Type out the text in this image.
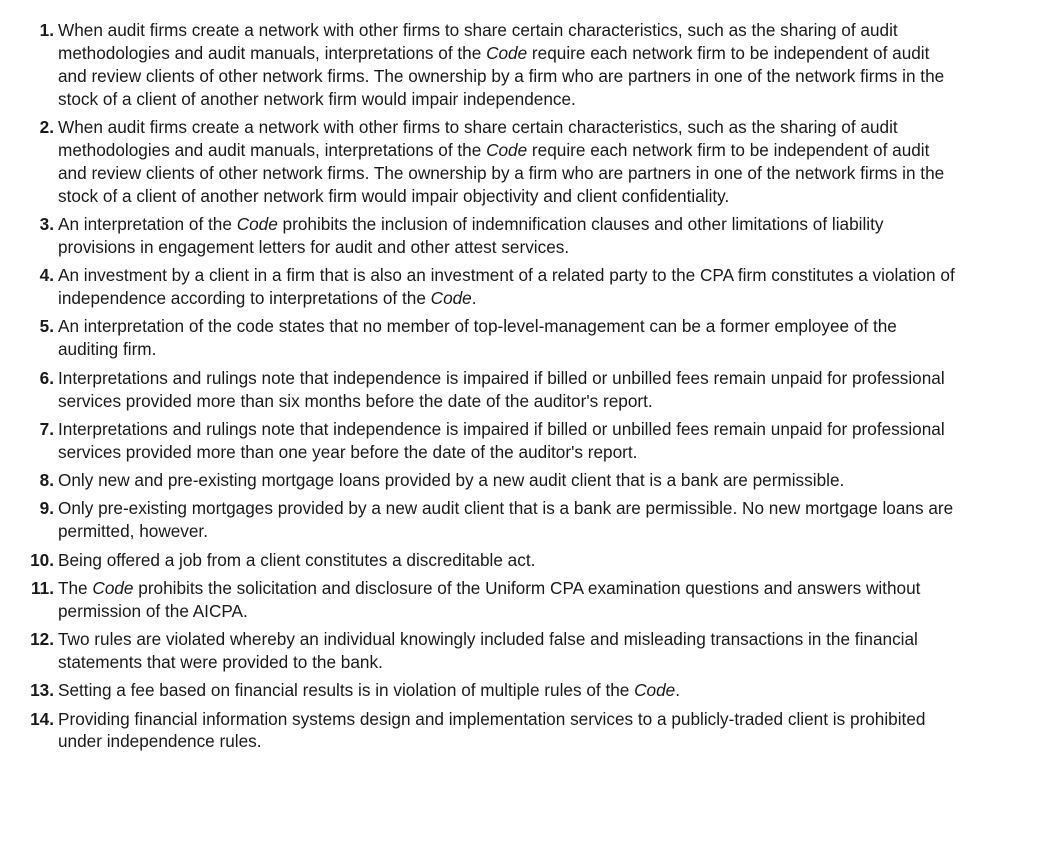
1. When audit firms create a network with other firms to share certain characteristics, such as the sharing of audit methodologies and audit manuals, interpretations of the Code require each network firm to be independent of audit and review clients of other network firms. The ownership by a firm who are partners in one of the network firms in the stock of a client of another network firm would impair independence.
2. When audit firms create a network with other firms to share certain characteristics, such as the sharing of audit methodologies and audit manuals, interpretations of the Code require each network firm to be independent of audit and review clients of other network firms. The ownership by a firm who are partners in one of the network firms in the stock of a client of another network firm would impair objectivity and client confidentiality.
3. An interpretation of the Code prohibits the inclusion of indemnification clauses and other limitations of liability provisions in engagement letters for audit and other attest services.
4. An investment by a client in a firm that is also an investment of a related party to the CPA firm constitutes a violation of independence according to interpretations of the Code.
5. An interpretation of the code states that no member of top-level-management can be a former employee of the auditing firm.
6. Interpretations and rulings note that independence is impaired if billed or unbilled fees remain unpaid for professional services provided more than six months before the date of the auditor's report.
7. Interpretations and rulings note that independence is impaired if billed or unbilled fees remain unpaid for professional services provided more than one year before the date of the auditor's report.
8. Only new and pre-existing mortgage loans provided by a new audit client that is a bank are permissible.
9. Only pre-existing mortgages provided by a new audit client that is a bank are permissible. No new mortgage loans are permitted, however.
10. Being offered a job from a client constitutes a discreditable act.
11. The Code prohibits the solicitation and disclosure of the Uniform CPA examination questions and answers without permission of the AICPA.
12. Two rules are violated whereby an individual knowingly included false and misleading transactions in the financial statements that were provided to the bank.
13. Setting a fee based on financial results is in violation of multiple rules of the Code.
14. Providing financial information systems design and implementation services to a publicly-traded client is prohibited under independence rules.
